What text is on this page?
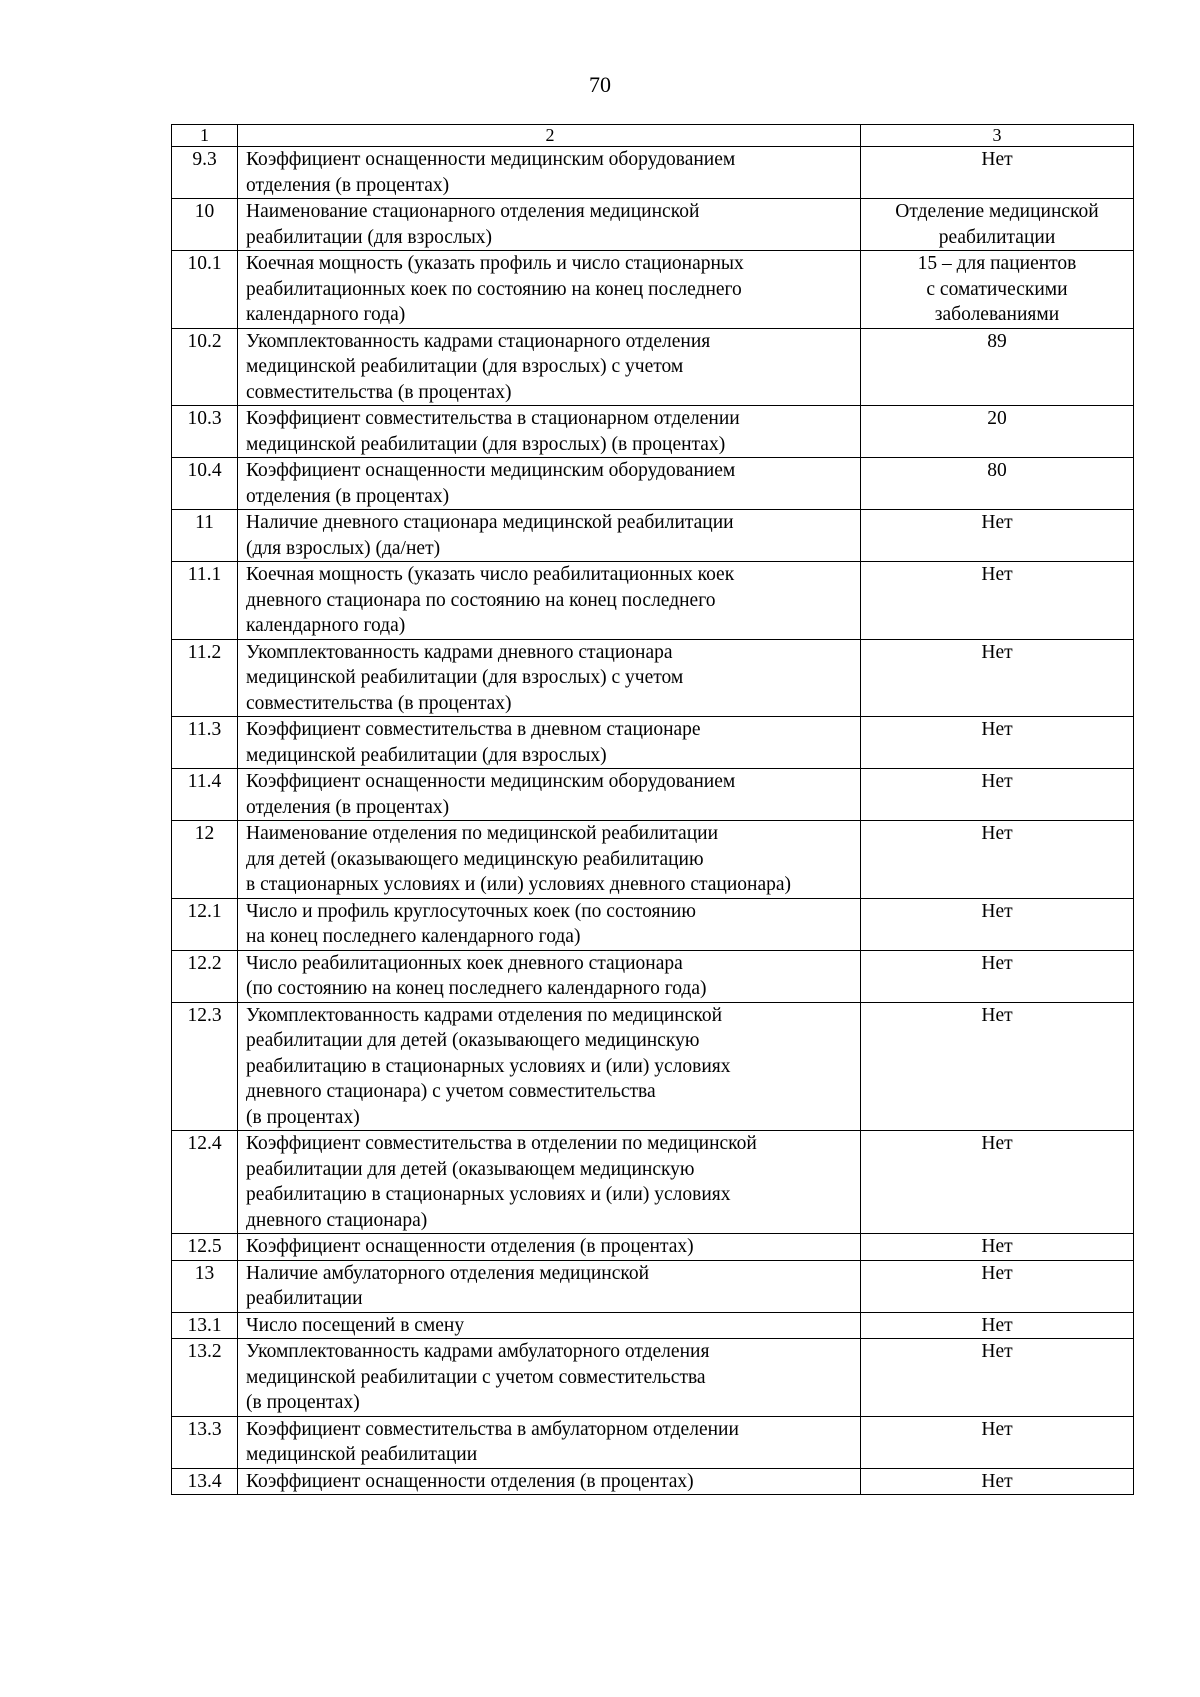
70
1	2	3
9.3	Коэффициент оснащенности медицинским оборудованием
отделения (в процентах)	Нет
10	Наименование стационарного отделения медицинской
реабилитации (для взрослых)	Отделение медицинской
реабилитации
10.1	Коечная мощность (указать профиль и число стационарных
реабилитационных коек по состоянию на конец последнего
календарного года)	15 – для пациентов
с соматическими
заболеваниями
10.2	Укомплектованность кадрами стационарного отделения
медицинской реабилитации (для взрослых) с учетом
совместительства (в процентах)	89
10.3	Коэффициент совместительства в стационарном отделении
медицинской реабилитации (для взрослых) (в процентах)	20
10.4	Коэффициент оснащенности медицинским оборудованием
отделения (в процентах)	80
11	Наличие дневного стационара медицинской реабилитации
(для взрослых) (да/нет)	Нет
11.1	Коечная мощность (указать число реабилитационных коек
дневного стационара по состоянию на конец последнего
календарного года)	Нет
11.2	Укомплектованность кадрами дневного стационара
медицинской реабилитации (для взрослых) с учетом
совместительства (в процентах)	Нет
11.3	Коэффициент совместительства в дневном стационаре
медицинской реабилитации (для взрослых)	Нет
11.4	Коэффициент оснащенности медицинским оборудованием
отделения (в процентах)	Нет
12	Наименование отделения по медицинской реабилитации
для детей (оказывающего медицинскую реабилитацию
в стационарных условиях и (или) условиях дневного стационара)	Нет
12.1	Число и профиль круглосуточных коек (по состоянию
на конец последнего календарного года)	Нет
12.2	Число реабилитационных коек дневного стационара
(по состоянию на конец последнего календарного года)	Нет
12.3	Укомплектованность кадрами отделения по медицинской
реабилитации для детей (оказывающего медицинскую
реабилитацию в стационарных условиях и (или) условиях
дневного стационара) с учетом совместительства
(в процентах)	Нет
12.4	Коэффициент совместительства в отделении по медицинской
реабилитации для детей (оказывающем медицинскую
реабилитацию в стационарных условиях и (или) условиях
дневного стационара)	Нет
12.5	Коэффициент оснащенности отделения (в процентах)	Нет
13	Наличие амбулаторного отделения медицинской
реабилитации	Нет
13.1	Число посещений в смену	Нет
13.2	Укомплектованность кадрами амбулаторного отделения
медицинской реабилитации с учетом совместительства
(в процентах)	Нет
13.3	Коэффициент совместительства в амбулаторном отделении
медицинской реабилитации	Нет
13.4	Коэффициент оснащенности отделения (в процентах)	Нет
